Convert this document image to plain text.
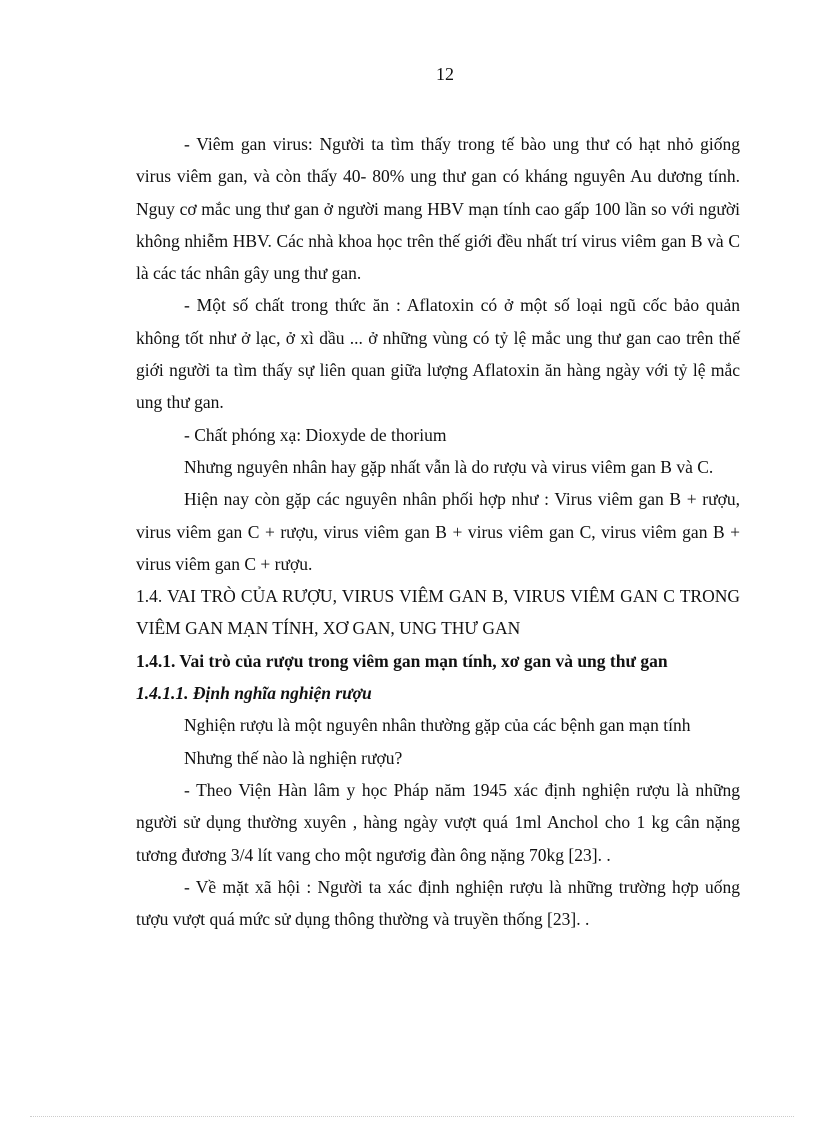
12

- Viêm gan virus: Người ta tìm thấy trong tế bào ung thư có hạt nhỏ giống virus viêm gan, và còn thấy 40- 80% ung thư gan có kháng nguyên Au dương tính. Nguy cơ mắc ung thư gan ở người mang HBV mạn tính cao gấp 100 lần so với người không nhiễm HBV. Các nhà khoa học trên thế giới đều nhất trí virus viêm gan B và C là các tác nhân gây ung thư gan.

- Một số chất trong thức ăn : Aflatoxin có ở một số loại ngũ cốc bảo quản không tốt như ở lạc, ở xì dầu ... ở những vùng có tỷ lệ mắc ung thư gan cao trên thế giới người ta tìm thấy sự liên quan giữa lượng Aflatoxin ăn hàng ngày với tỷ lệ mắc ung thư gan.

- Chất phóng xạ: Dioxyde de thorium

Nhưng nguyên nhân hay gặp nhất vẫn là do rượu và virus viêm gan B và C.

Hiện nay còn gặp các nguyên nhân phối hợp như : Virus viêm gan B + rượu, virus viêm gan C + rượu, virus viêm gan B + virus viêm gan C, virus viêm gan B + virus viêm gan C + rượu.

1.4. VAI TRÒ CỦA RƯỢU, VIRUS VIÊM GAN B, VIRUS VIÊM GAN C TRONG VIÊM GAN MẠN TÍNH, XƠ GAN, UNG THƯ GAN

1.4.1. Vai trò của rượu trong viêm gan mạn tính, xơ gan và ung thư gan

1.4.1.1. Định nghĩa nghiện rượu

Nghiện rượu là một nguyên nhân thường gặp của các bệnh gan mạn tính

Nhưng thế nào là nghiện rượu?

- Theo Viện Hàn lâm y học Pháp năm 1945 xác định nghiện rượu là những người sử dụng thường xuyên , hàng ngày vượt quá 1ml Anchol cho 1 kg cân nặng tương đương 3/4 lít vang cho một ngươig đàn ông nặng 70kg [23]. .

- Về mặt xã hội : Người ta xác định nghiện rượu là những trường hợp uống tượu vượt quá mức sử dụng thông thường và truyền thống [23]. .
